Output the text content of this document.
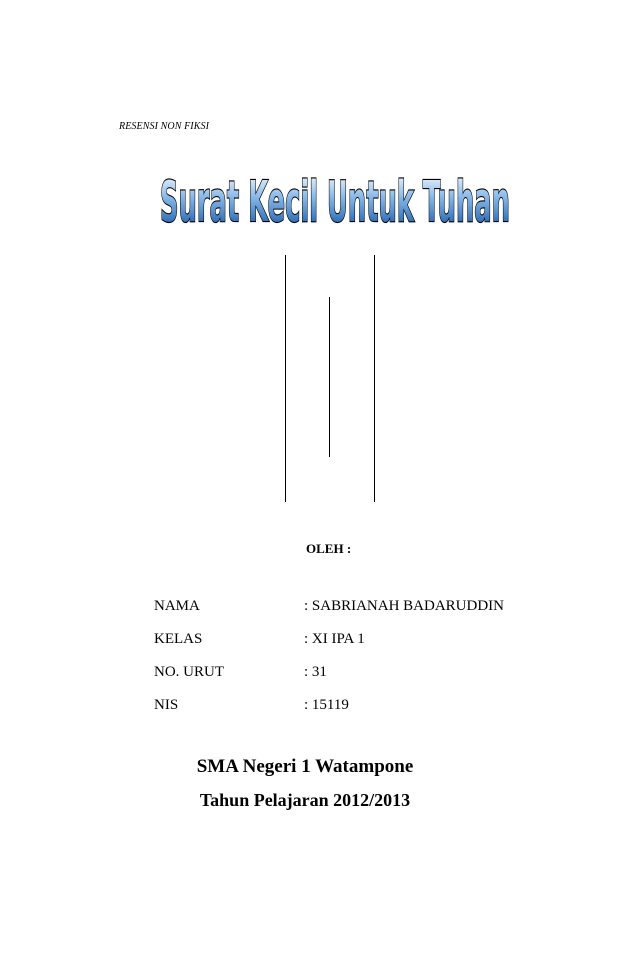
RESENSI NON FIKSI
Surat Kecil Untuk Tuhan
OLEH :
NAMA	: SABRIANAH BADARUDDIN
KELAS	: XI IPA 1
NO. URUT	: 31
NIS	: 15119
SMA Negeri 1 Watampone
Tahun Pelajaran 2012/2013
